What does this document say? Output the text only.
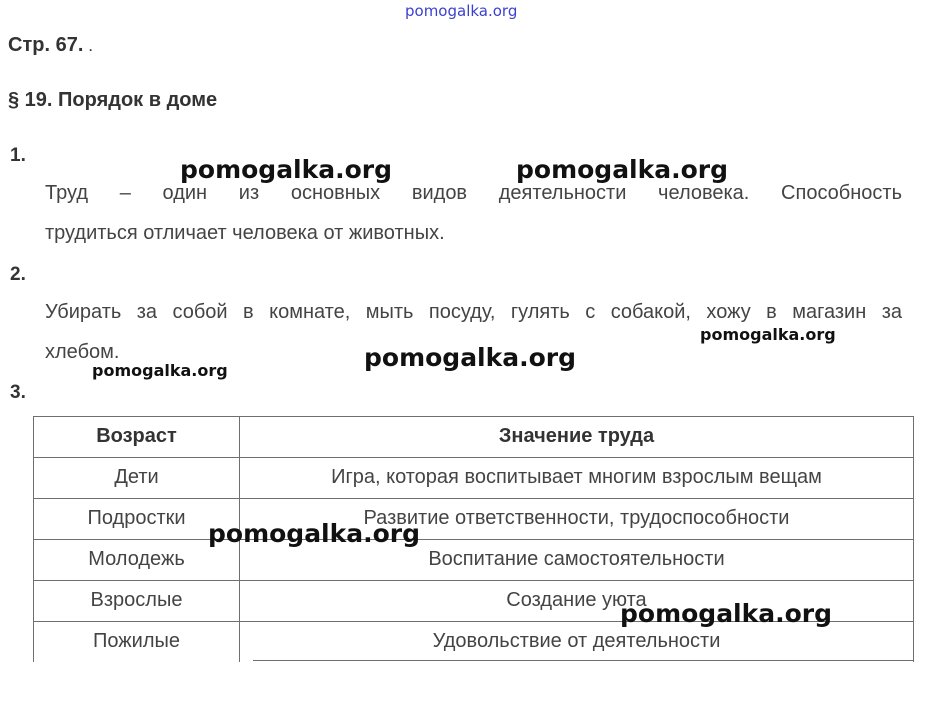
pomogalka.org
Стр. 67. .
§ 19. Порядок в доме
1.
Труд – один из основных видов деятельности человека. Способность
трудиться отличает человека от животных.
2.
Убирать за собой в комнате, мыть посуду, гулять с собакой, хожу в магазин за
хлебом.
3.
Возраст	Значение труда
Дети	Игра, которая воспитывает многим взрослым вещам
Подростки	Развитие ответственности, трудоспособности
Молодежь	Воспитание самостоятельности
Взрослые	Создание уюта
Пожилые	Удовольствие от деятельности
pomogalka.org	pomogalka.org
pomogalka.org
pomogalka.org
pomogalka.org
pomogalka.org
pomogalka.org
